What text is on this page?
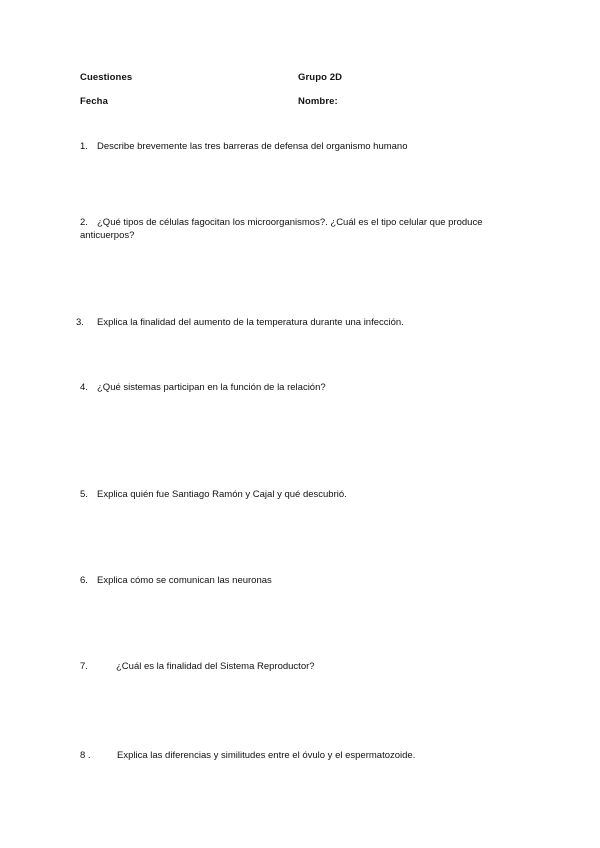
Cuestiones	Grupo 2D
Fecha	Nombre:
1. Describe brevemente las tres barreras de defensa del organismo humano
2. ¿Qué tipos de células fagocitan los microorganismos?. ¿Cuál es el tipo celular que produce anticuerpos?
3.	Explica la finalidad del aumento de la temperatura durante una infección.
4. ¿Qué sistemas participan en la función de la relación?
5. Explica quién fue Santiago Ramón y Cajal y qué descubrió.
6. Explica cómo se comunican las neuronas
7.	¿Cuál es la finalidad del Sistema Reproductor?
8 .	Explica las diferencias y similitudes entre el óvulo y el espermatozoide.
